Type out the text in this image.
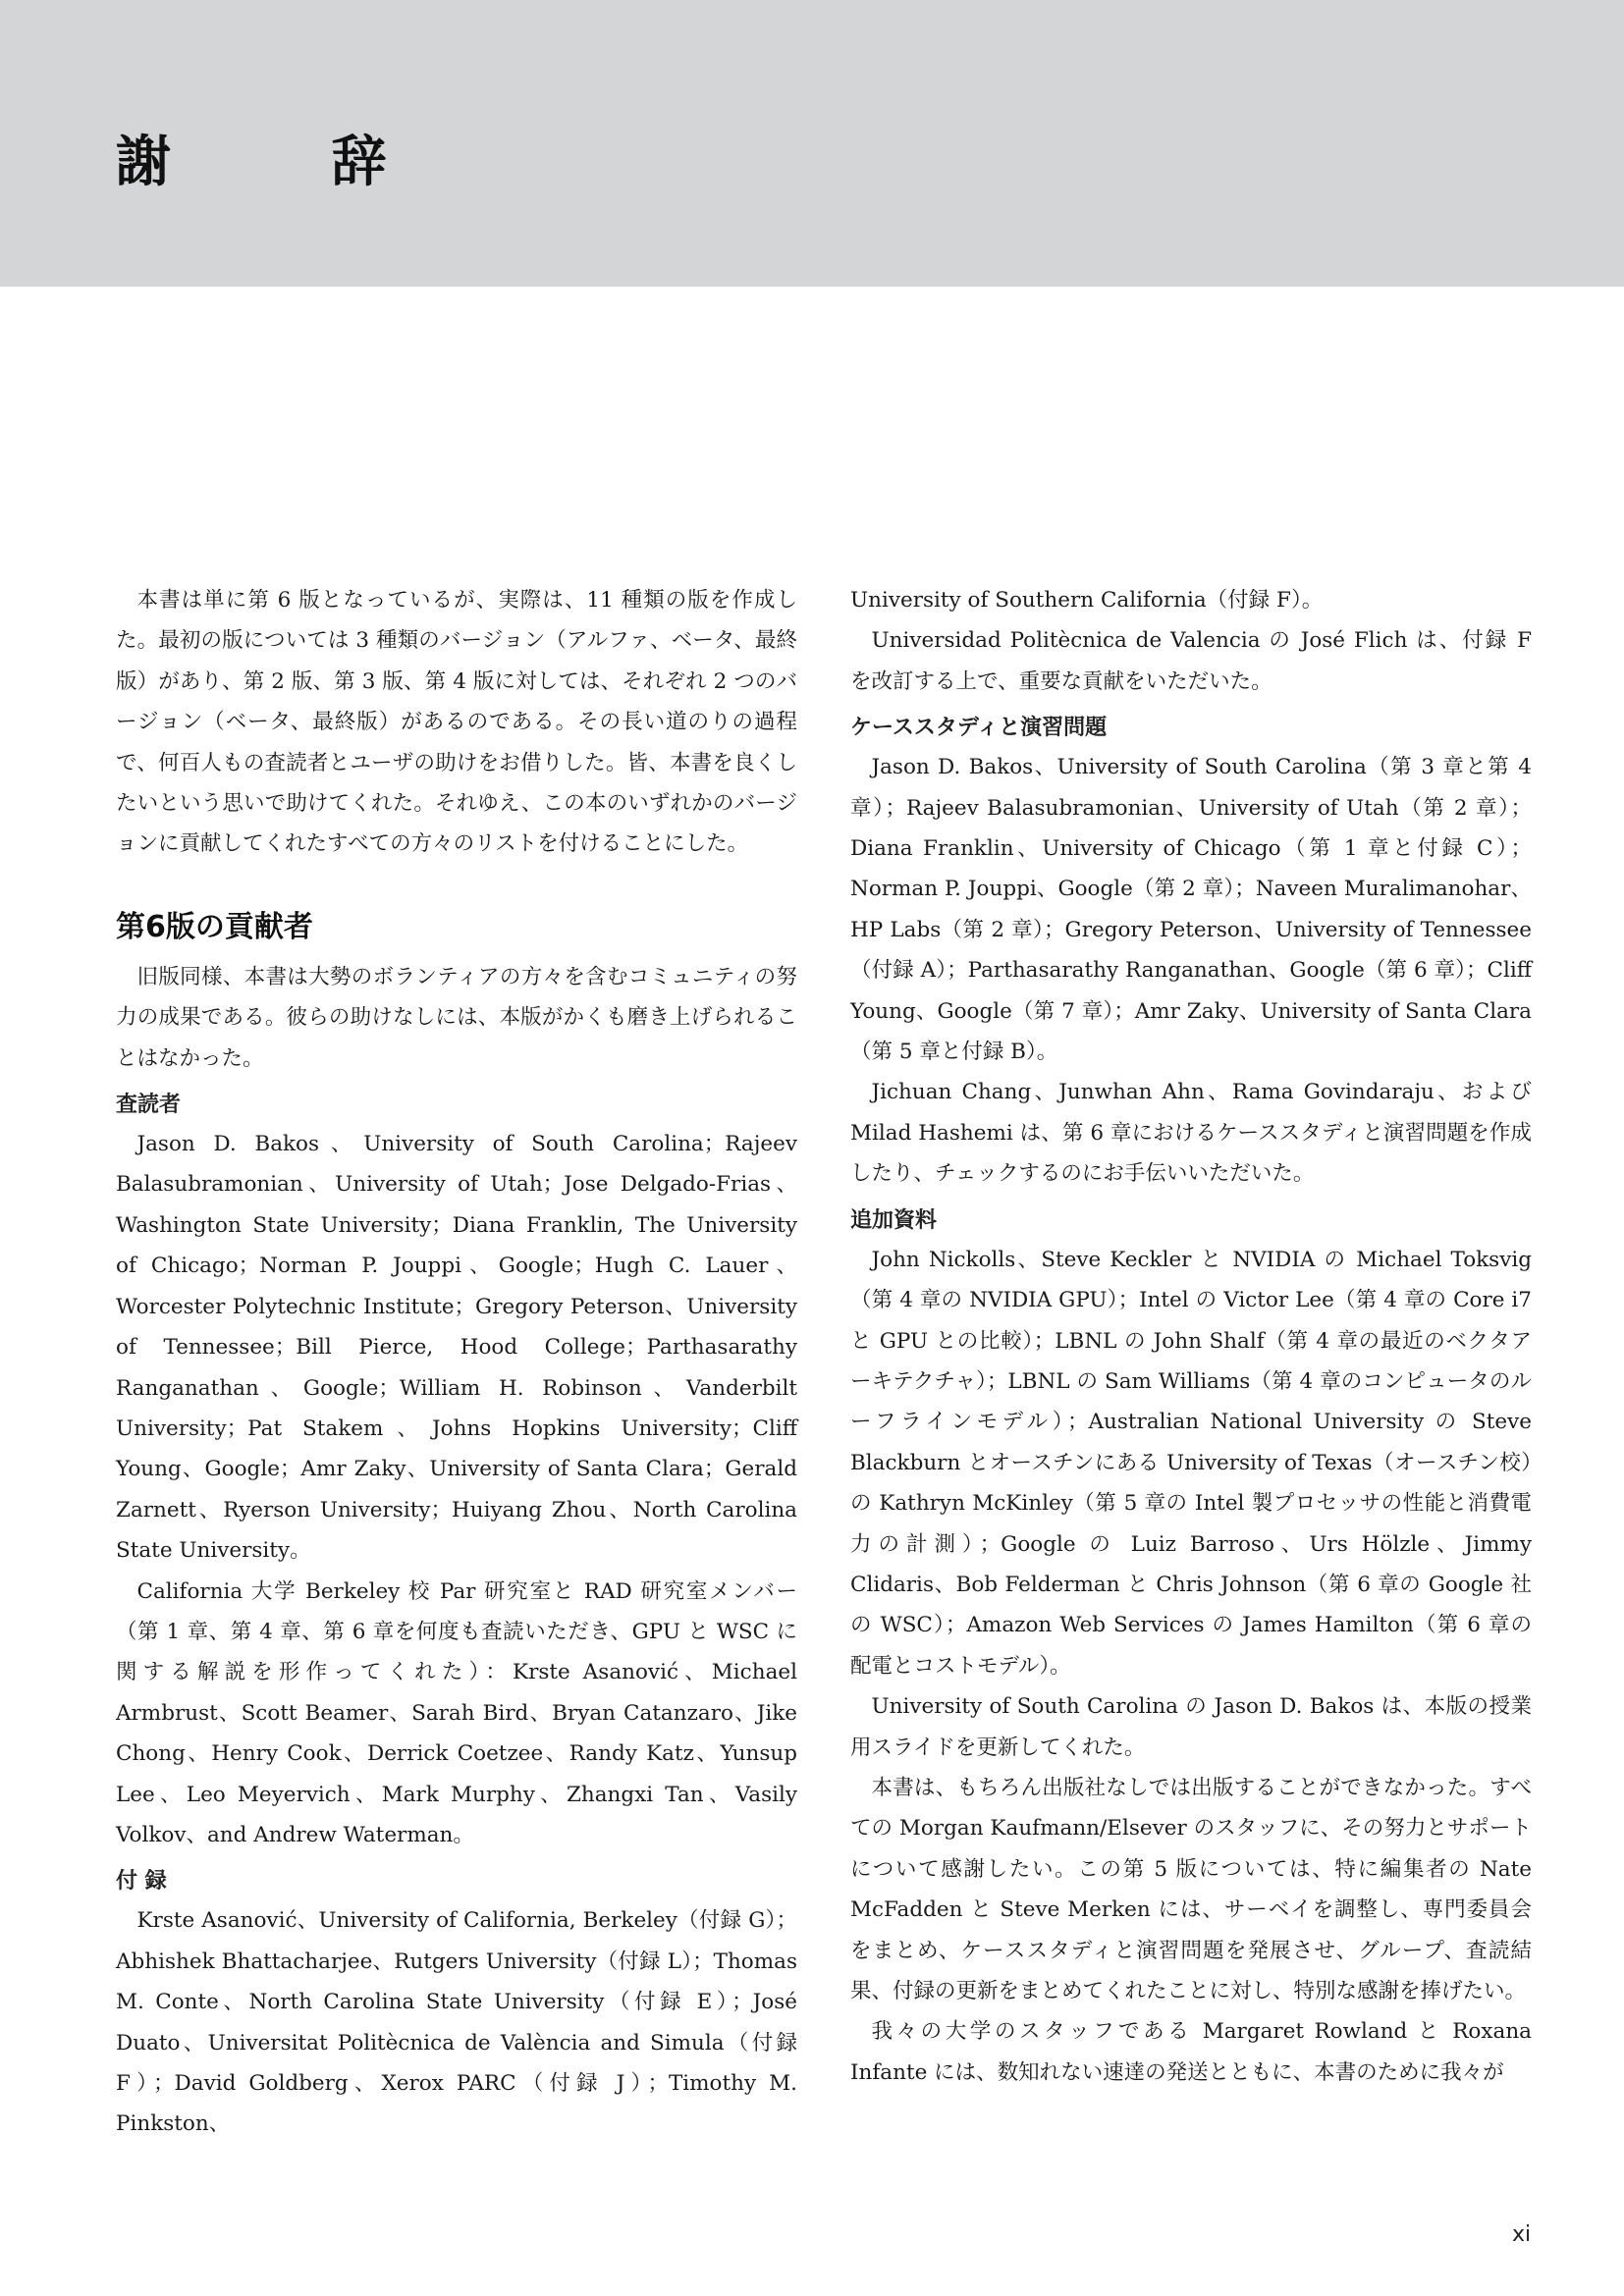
謝 辞

本書は単に第 6 版となっているが、実際は、11 種類の版を作成した。最初の版については 3 種類のバージョン（アルファ、ベータ、最終版）があり、第 2 版、第 3 版、第 4 版に対しては、それぞれ 2 つのバージョン（ベータ、最終版）があるのである。その長い道のりの過程で、何百人もの査読者とユーザの助けをお借りした。皆、本書を良くしたいという思いで助けてくれた。それゆえ、この本のいずれかのバージョンに貢献してくれたすべての方々のリストを付けることにした。

第6版の貢献者

旧版同様、本書は大勢のボランティアの方々を含むコミュニティの努力の成果である。彼らの助けなしには、本版がかくも磨き上げられることはなかった。

査読者

Jason D. Bakos、University of South Carolina；Rajeev Balasubramonian、University of Utah；Jose Delgado-Frias、Washington State University；Diana Franklin, The University of Chicago；Norman P. Jouppi、Google；Hugh C. Lauer、Worcester Polytechnic Institute；Gregory Peterson、University of Tennessee；Bill Pierce, Hood College；Parthasarathy Ranganathan、Google；William H. Robinson、Vanderbilt University；Pat Stakem、Johns Hopkins University；Cliff Young、Google；Amr Zaky、University of Santa Clara；Gerald Zarnett、Ryerson University；Huiyang Zhou、North Carolina State University。

California 大学 Berkeley 校 Par 研究室と RAD 研究室メンバー（第 1 章、第 4 章、第 6 章を何度も査読いただき、GPU と WSC に関する解説を形作ってくれた）：Krste Asanović、Michael Armbrust、Scott Beamer、Sarah Bird、Bryan Catanzaro、Jike Chong、Henry Cook、Derrick Coetzee、Randy Katz、Yunsup Lee、Leo Meyervich、Mark Murphy、Zhangxi Tan、Vasily Volkov、and Andrew Waterman。

付 録

Krste Asanović、University of California, Berkeley（付録 G）；Abhishek Bhattacharjee、Rutgers University（付録 L）；Thomas M. Conte、North Carolina State University（付録 E）；José Duato、Universitat Politècnica de València and Simula（付録 F）；David Goldberg、Xerox PARC（付録 J）；Timothy M. Pinkston、

University of Southern California（付録 F）。

Universidad Politècnica de Valencia の José Flich は、付録 F を改訂する上で、重要な貢献をいただいた。

ケーススタディと演習問題

Jason D. Bakos、University of South Carolina（第 3 章と第 4 章）；Rajeev Balasubramonian、University of Utah（第 2 章）；Diana Franklin、University of Chicago（第 1 章と付録 C）；Norman P. Jouppi、Google（第 2 章）；Naveen Muralimanohar、HP Labs（第 2 章）；Gregory Peterson、University of Tennessee（付録 A）；Parthasarathy Ranganathan、Google（第 6 章）；Cliff Young、Google（第 7 章）；Amr Zaky、University of Santa Clara（第 5 章と付録 B）。

Jichuan Chang、Junwhan Ahn、Rama Govindaraju、および Milad Hashemi は、第 6 章におけるケーススタディと演習問題を作成したり、チェックするのにお手伝いいただいた。

追加資料

John Nickolls、Steve Keckler と NVIDIA の Michael Toksvig（第 4 章の NVIDIA GPU）；Intel の Victor Lee（第 4 章の Core i7 と GPU との比較）；LBNL の John Shalf（第 4 章の最近のベクタアーキテクチャ）；LBNL の Sam Williams（第 4 章のコンピュータのルーフラインモデル）；Australian National University の Steve Blackburn とオースチンにある University of Texas（オースチン校）の Kathryn McKinley（第 5 章の Intel 製プロセッサの性能と消費電力の計測）；Google の Luiz Barroso、Urs Hölzle、Jimmy Clidaris、Bob Felderman と Chris Johnson（第 6 章の Google 社の WSC）；Amazon Web Services の James Hamilton（第 6 章の配電とコストモデル）。

University of South Carolina の Jason D. Bakos は、本版の授業用スライドを更新してくれた。

本書は、もちろん出版社なしでは出版することができなかった。すべての Morgan Kaufmann/Elsever のスタッフに、その努力とサポートについて感謝したい。この第 5 版については、特に編集者の Nate McFadden と Steve Merken には、サーベイを調整し、専門委員会をまとめ、ケーススタディと演習問題を発展させ、グループ、査読結果、付録の更新をまとめてくれたことに対し、特別な感謝を捧げたい。

我々の大学のスタッフである Margaret Rowland と Roxana Infante には、数知れない速達の発送とともに、本書のために我々が

xi
